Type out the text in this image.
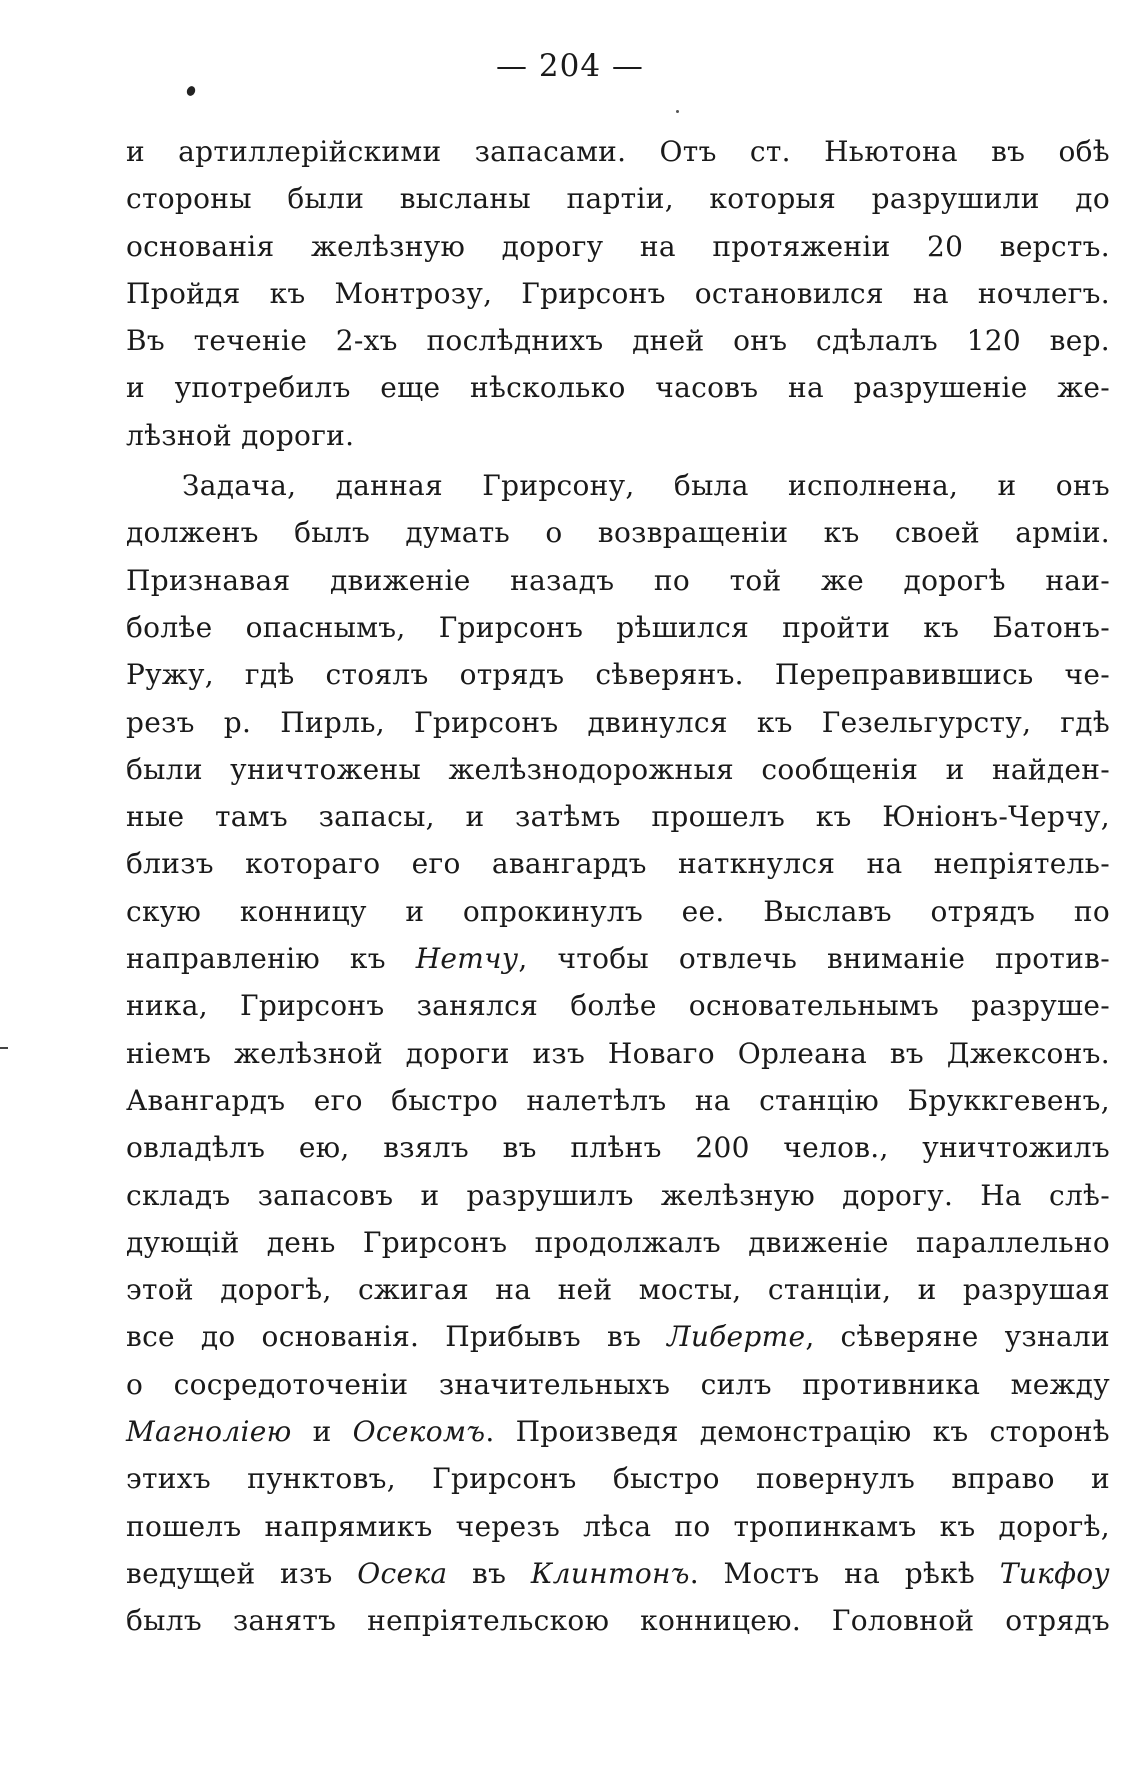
— 204 —
и артиллерійскими запасами. Отъ ст. Ньютона въ обѣ
стороны были высланы партіи, которыя разрушили до
основанія желѣзную дорогу на протяженіи 20 верстъ.
Пройдя къ Монтрозу, Грирсонъ остановился на ночлегъ.
Въ теченіе 2-хъ послѣднихъ дней онъ сдѣлалъ 120 вер.
и употребилъ еще нѣсколько часовъ на разрушеніе же-
лѣзной дороги.
Задача, данная Грирсону, была исполнена, и онъ
долженъ былъ думать о возвращеніи къ своей арміи.
Признавая движеніе назадъ по той же дорогѣ наи-
болѣе опаснымъ, Грирсонъ рѣшился пройти къ Батонъ-
Ружу, гдѣ стоялъ отрядъ сѣверянъ. Переправившись че-
резъ р. Пирль, Грирсонъ двинулся къ Гезельгурсту, гдѣ
были уничтожены желѣзнодорожныя сообщенія и найден-
ные тамъ запасы, и затѣмъ прошелъ къ Юніонъ-Черчу,
близъ котораго его авангардъ наткнулся на непріятель-
скую конницу и опрокинулъ ее. Выславъ отрядъ по
направленію къ Нетчу, чтобы отвлечь вниманіе против-
ника, Грирсонъ занялся болѣе основательнымъ разруше-
ніемъ желѣзной дороги изъ Новаго Орлеана въ Джексонъ.
Авангардъ его быстро налетѣлъ на станцію Бруккгевенъ,
овладѣлъ ею, взялъ въ плѣнъ 200 челов., уничтожилъ
складъ запасовъ и разрушилъ желѣзную дорогу. На слѣ-
дующій день Грирсонъ продолжалъ движеніе параллельно
этой дорогѣ, сжигая на ней мосты, станціи, и разрушая
все до основанія. Прибывъ въ Либерте, сѣверяне узнали
о сосредоточеніи значительныхъ силъ противника между
Магноліею и Осекомъ. Произведя демонстрацію къ сторонѣ
этихъ пунктовъ, Грирсонъ быстро повернулъ вправо и
пошелъ напрямикъ черезъ лѣса по тропинкамъ къ дорогѣ,
ведущей изъ Осека въ Клинтонъ. Мостъ на рѣкѣ Тикфоу
былъ занятъ непріятельскою конницею. Головной отрядъ
